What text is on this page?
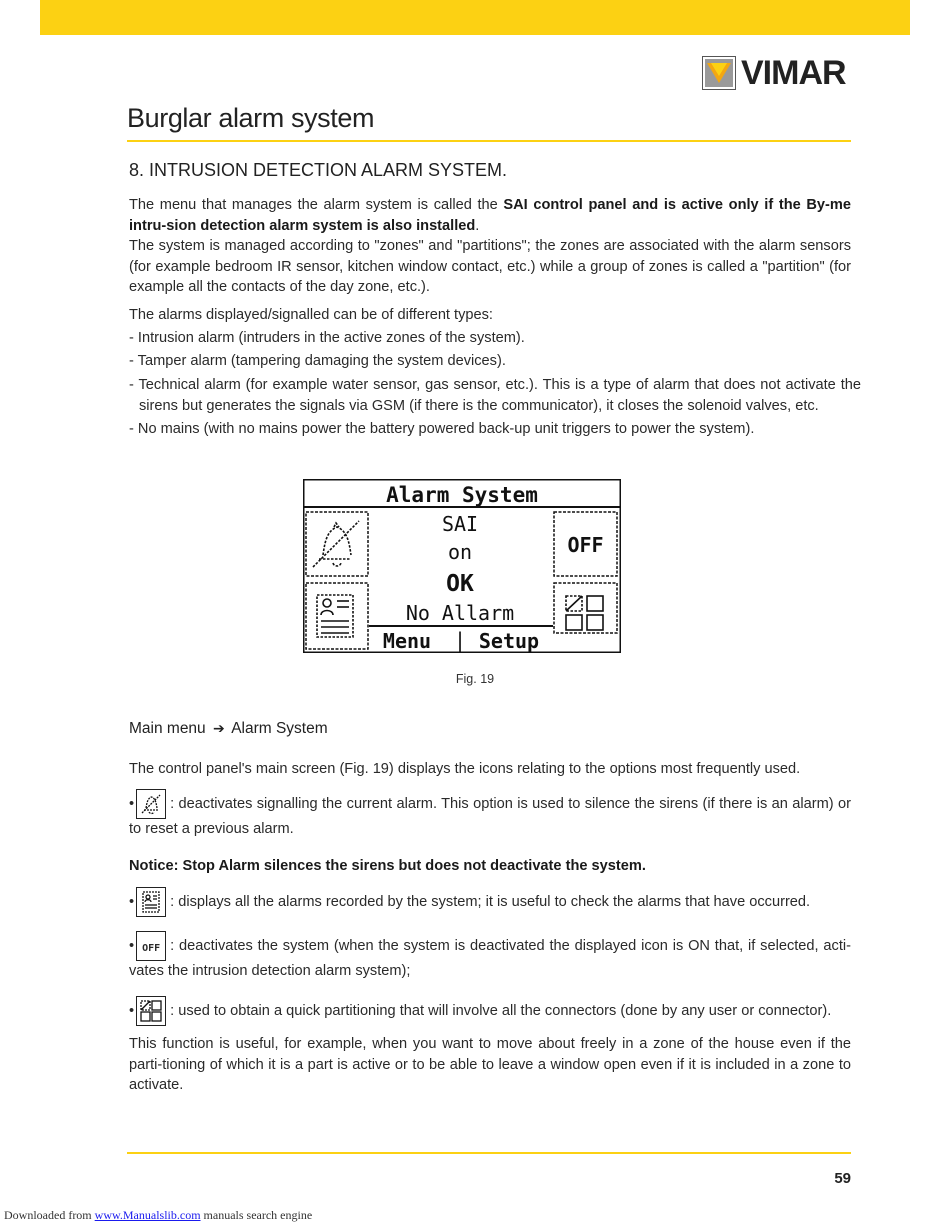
VIMAR
Burglar alarm system
8. INTRUSION DETECTION ALARM SYSTEM.
The menu that manages the alarm system is called the SAI control panel and is active only if the By-me intru-sion detection alarm system is also installed.
The system is managed according to "zones" and "partitions"; the zones are associated with the alarm sensors (for example bedroom IR sensor, kitchen window contact, etc.) while a group of zones is called a "partition" (for example all the contacts of the day zone, etc.).
The alarms displayed/signalled can be of different types:
- Intrusion alarm (intruders in the active zones of the system).
- Tamper alarm (tampering damaging the system devices).
- Technical alarm (for example water sensor, gas sensor, etc.). This is a type of alarm that does not activate the sirens but generates the signals via GSM (if there is the communicator), it closes the solenoid valves, etc.
- No mains (with no mains power the battery powered back-up unit triggers to power the system).
Alarm System
OFF
SAI
on
OK
No Allarm
Menu | Setup
Fig. 19
Main menu ➔ Alarm System
The control panel's main screen (Fig. 19) displays the icons relating to the options most frequently used.
• : deactivates signalling the current alarm. This option is used to silence the sirens (if there is an alarm) or to reset a previous alarm.
Notice: Stop Alarm silences the sirens but does not deactivate the system.
• : displays all the alarms recorded by the system; it is useful to check the alarms that have occurred.
• OFF : deactivates the system (when the system is deactivated the displayed icon is ON that, if selected, acti-vates the intrusion detection alarm system);
• : used to obtain a quick partitioning that will involve all the connectors (done by any user or connector).
This function is useful, for example, when you want to move about freely in a zone of the house even if the parti-tioning of which it is a part is active or to be able to leave a window open even if it is included in a zone to activate.
59
Downloaded from www.Manualslib.com manuals search engine
